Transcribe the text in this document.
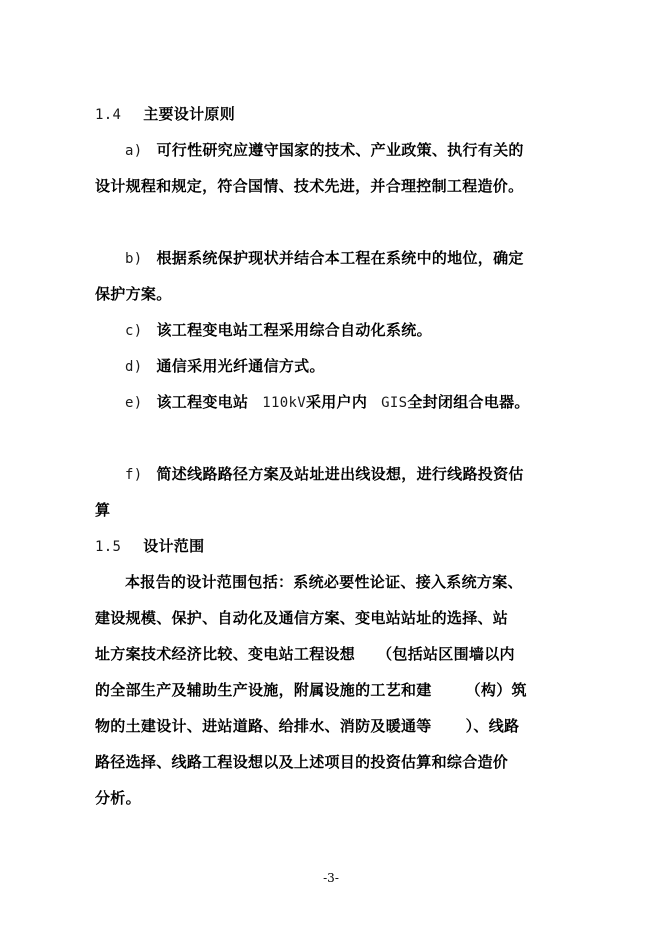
1.4 主要设计原则
a) 可行性研究应遵守国家的技术、产业政策、执行有关的
设计规程和规定，符合国情、技术先进，并合理控制工程造价。
b) 根据系统保护现状并结合本工程在系统中的地位，确定
保护方案。
c) 该工程变电站工程采用综合自动化系统。
d) 通信采用光纤通信方式。
e) 该工程变电站 110kV采用户内 GIS全封闭组合电器。
f) 简述线路路径方案及站址进出线设想，进行线路投资估
算
1.5 设计范围
本报告的设计范围包括：系统必要性论证、接入系统方案、
建设规模、保护、自动化及通信方案、变电站站址的选择、站
址方案技术经济比较、变电站工程设想 （包括站区围墙以内
的全部生产及辅助生产设施，附属设施的工艺和建 （构）筑
物的土建设计、进站道路、给排水、消防及暖通等 ）、线路
路径选择、线路工程设想以及上述项目的投资估算和综合造价
分析。
-3-
